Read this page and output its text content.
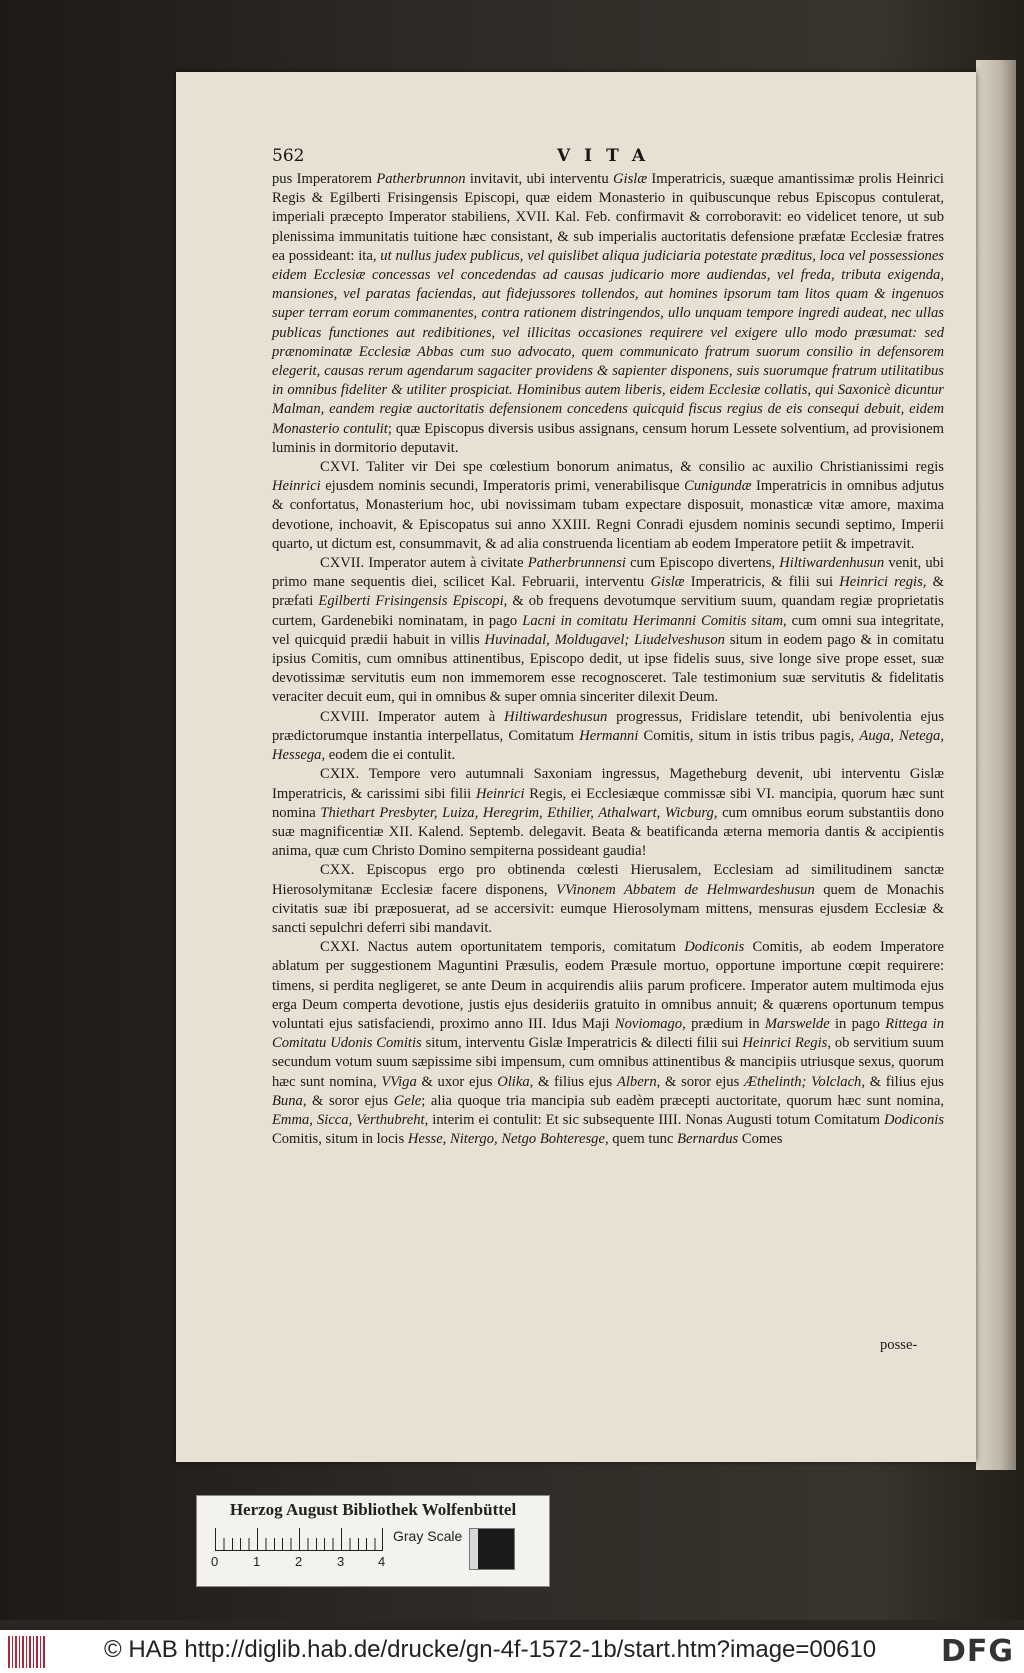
562	VITA

pus Imperatorem Patherbrunnon invitavit, ubi interventu Gislæ Imperatricis, suæque amantissimæ prolis Heinrici Regis & Egilberti Frisingensis Episcopi, quæ eidem Monasterio in quibuscunque rebus Episcopus contulerat, imperiali præcepto Imperator stabiliens, XVII. Kal. Feb. confirmavit & corroboravit: eo videlicet tenore, ut sub plenissima immunitatis tuitione hæc consistant, & sub imperialis auctoritatis defensione præfatæ Ecclesiæ fratres ea possideant: ita, ut nullus judex publicus, vel quislibet aliqua judiciaria potestate præditus, loca vel possessiones eidem Ecclesiæ concessas vel concedendas ad causas judicario more audiendas, vel freda, tributa exigenda, mansiones, vel paratas faciendas, aut fidejussores tollendos, aut homines ipsorum tam litos quam & ingenuos super terram eorum commanentes, contra rationem distringendos, ullo unquam tempore ingredi audeat, nec ullas publicas functiones aut redibitiones, vel illicitas occasiones requirere vel exigere ullo modo præsumat: sed prænominatæ Ecclesiæ Abbas cum suo advocato, quem communicato fratrum suorum consilio in defensorem elegerit, causas rerum agendarum sagaciter providens & sapienter disponens, suis suorumque fratrum utilitatibus in omnibus fideliter & utiliter prospiciat. Hominibus autem liberis, eidem Ecclesiæ collatis, qui Saxonicè dicuntur Malman, eandem regiæ auctoritatis defensionem concedens quicquid fiscus regius de eis consequi debuit, eidem Monasterio contulit; quæ Episcopus diversis usibus assignans, censum horum Lessete solventium, ad provisionem luminis in dormitorio deputavit.

CXVI. Taliter vir Dei spe cœlestium bonorum animatus, & consilio ac auxilio Christianissimi regis Heinrici ejusdem nominis secundi, Imperatoris primi, venerabilisque Cunigundæ Imperatricis in omnibus adjutus & confortatus, Monasterium hoc, ubi novissimam tubam expectare disposuit, monasticæ vitæ amore, maxima devotione, inchoavit, & Episcopatus sui anno XXIII. Regni Conradi ejusdem nominis secundi septimo, Imperii quarto, ut dictum est, consummavit, & ad alia construenda licentiam ab eodem Imperatore petiit & impetravit.

CXVII. Imperator autem à civitate Patherbrunnensi cum Episcopo divertens, Hiltiwardenhusun venit, ubi primo mane sequentis diei, scilicet Kal. Februarii, interventu Gislæ Imperatricis, & filii sui Heinrici regis, & præfati Egilberti Frisingensis Episcopi, & ob frequens devotumque servitium suum, quandam regiæ proprietatis curtem, Gardenebiki nominatam, in pago Lacni in comitatu Herimanni Comitis sitam, cum omni sua integritate, vel quicquid prædii habuit in villis Huvinadal, Moldugavel; Liudelveshuson situm in eodem pago & in comitatu ipsius Comitis, cum omnibus attinentibus, Episcopo dedit, ut ipse fidelis suus, sive longe sive prope esset, suæ devotissimæ servitutis eum non immemorem esse recognosceret. Tale testimonium suæ servitutis & fidelitatis veraciter decuit eum, qui in omnibus & super omnia sinceriter dilexit Deum.

CXVIII. Imperator autem à Hiltiwardeshusun progressus, Fridislare tetendit, ubi benivolentia ejus prædictorumque instantia interpellatus, Comitatum Hermanni Comitis, situm in istis tribus pagis, Auga, Netega, Hessega, eodem die ei contulit.

CXIX. Tempore vero autumnali Saxoniam ingressus, Magetheburg devenit, ubi interventu Gislæ Imperatricis, & carissimi sibi filii Heinrici Regis, ei Ecclesiæque commissæ sibi VI. mancipia, quorum hæc sunt nomina Thiethart Presbyter, Luiza, Heregrim, Ethilier, Athalwart, Wicburg, cum omnibus eorum substantiis dono suæ magnificentiæ XII. Kalend. Septemb. delegavit. Beata & beatificanda æterna memoria dantis & accipientis anima, quæ cum Christo Domino sempiterna possideant gaudia!

CXX. Episcopus ergo pro obtinenda cœlesti Hierusalem, Ecclesiam ad similitudinem sanctæ Hierosolymitanæ Ecclesiæ facere disponens, VVinonem Abbatem de Helmwardeshusun quem de Monachis civitatis suæ ibi præposuerat, ad se accersivit: eumque Hierosolymam mittens, mensuras ejusdem Ecclesiæ & sancti sepulchri deferri sibi mandavit.

CXXI. Nactus autem oportunitatem temporis, comitatum Dodiconis Comitis, ab eodem Imperatore ablatum per suggestionem Maguntini Præsulis, eodem Præsule mortuo, opportune importune cœpit requirere: timens, si perdita negligeret, se ante Deum in acquirendis aliis parum proficere. Imperator autem multimoda ejus erga Deum comperta devotione, justis ejus desideriis gratuito in omnibus annuit; & quærens oportunum tempus voluntati ejus satisfaciendi, proximo anno III. Idus Maji Noviomago, prædium in Marswelde in pago Rittega in Comitatu Udonis Comitis situm, interventu Gislæ Imperatricis & dilecti filii sui Heinrici Regis, ob servitium suum secundum votum suum sæpissime sibi impensum, cum omnibus attinentibus & mancipiis utriusque sexus, quorum hæc sunt nomina, VViga & uxor ejus Olika, & filius ejus Albern, & soror ejus Æthelinth; Volclach, & filius ejus Buna, & soror ejus Gele; alia quoque tria mancipia sub eadèm præcepti auctoritate, quorum hæc sunt nomina, Emma, Sicca, Verthubreht, interim ei contulit: Et sic subsequente IIII. Nonas Augusti totum Comitatum Dodiconis Comitis, situm in locis Hesse, Nitergo, Netgo Bohteresge, quem tunc Bernardus Comes

posse-
Herzog August Bibliothek Wolfenbüttel
0	1	2	3	4
Gray Scale
© HAB http://diglib.hab.de/drucke/gn-4f-1572-1b/start.htm?image=00610 DFG
